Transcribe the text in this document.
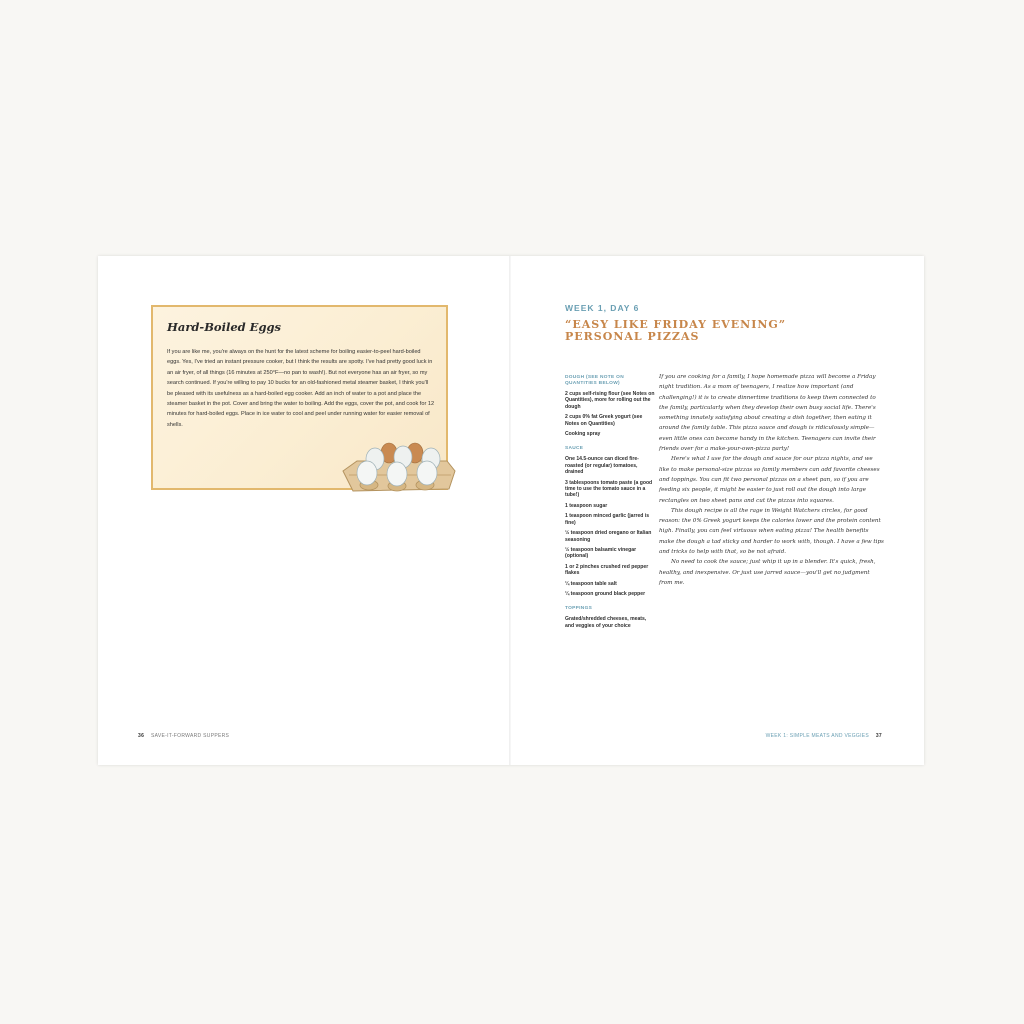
Hard-Boiled Eggs

If you are like me, you're always on the hunt for the latest scheme for boiling easier-to-peel hard-boiled eggs. Yes, I've tried an instant pressure cooker, but I think the results are spotty. I've had pretty good luck in an air fryer, of all things (16 minutes at 250°F—no pan to wash!). But not everyone has an air fryer, so my search continued. If you're willing to pay 10 bucks for an old-fashioned metal steamer basket, I think you'll be pleased with its usefulness as a hard-boiled egg cooker. Add an inch of water to a pot and place the steamer basket in the pot. Cover and bring the water to boiling. Add the eggs, cover the pot, and cook for 12 minutes for hard-boiled eggs. Place in ice water to cool and peel under running water for easier removal of shells.

36 SAVE-IT-FORWARD SUPPERS
WEEK 1, DAY 6
“EASY LIKE FRIDAY EVENING”
PERSONAL PIZZAS

DOUGH (SEE NOTE ON QUANTITIES BELOW)

2 cups self-rising flour (see Notes on Quantities), more for rolling out the dough

2 cups 0% fat Greek yogurt (see Notes on Quantities)

Cooking spray

SAUCE

One 14.5-ounce can diced fire-roasted (or regular) tomatoes, drained

3 tablespoons tomato paste (a good time to use the tomato sauce in a tube!)

1 teaspoon sugar

1 teaspoon minced garlic (jarred is fine)

½ teaspoon dried oregano or Italian seasoning

½ teaspoon balsamic vinegar (optional)

1 or 2 pinches crushed red pepper flakes

¼ teaspoon table salt

¼ teaspoon ground black pepper

TOPPINGS

Grated/shredded cheeses, meats, and veggies of your choice

If you are cooking for a family, I hope homemade pizza will become a Friday night tradition. As a mom of teenagers, I realize how important (and challenging!) it is to create dinnertime traditions to keep them connected to the family, particularly when they develop their own busy social life. There's something innately satisfying about creating a dish together, then eating it around the family table. This pizza sauce and dough is ridiculously simple—even little ones can become handy in the kitchen. Teenagers can invite their friends over for a make-your-own-pizza party!

Here's what I use for the dough and sauce for our pizza nights, and we like to make personal-size pizzas so family members can add favorite cheeses and toppings. You can fit two personal pizzas on a sheet pan, so if you are feeding six people, it might be easier to just roll out the dough into large rectangles on two sheet pans and cut the pizzas into squares.

This dough recipe is all the rage in Weight Watchers circles, for good reason: the 0% Greek yogurt keeps the calories lower and the protein content high. Finally, you can feel virtuous when eating pizza! The health benefits make the dough a tad sticky and harder to work with, though. I have a few tips and tricks to help with that, so be not afraid.

No need to cook the sauce; just whip it up in a blender. It's quick, fresh, healthy, and inexpensive. Or just use jarred sauce—you'll get no judgment from me.

WEEK 1: SIMPLE MEATS AND VEGGIES 37
